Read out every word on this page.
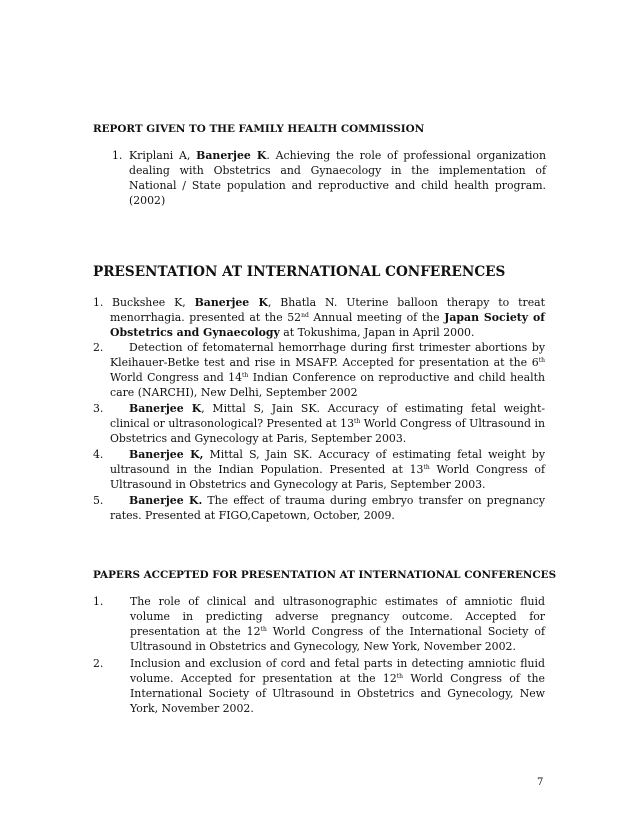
REPORT GIVEN TO THE FAMILY HEALTH COMMISSION

1. Kriplani A, Banerjee K. Achieving the role of professional organization dealing with Obstetrics and Gynaecology in the implementation of National / State population and reproductive and child health program. (2002)

PRESENTATION AT INTERNATIONAL CONFERENCES

1. Buckshee K, Banerjee K, Bhatla N. Uterine balloon therapy to treat menorrhagia. presented at the 52nd Annual meeting of the Japan Society of Obstetrics and Gynaecology at Tokushima, Japan in April 2000.

2.	Detection of fetomaternal hemorrhage during first trimester abortions by Kleihauer-Betke test and rise in MSAFP. Accepted for presentation at the 6th World Congress and 14th Indian Conference on reproductive and child health care (NARCHI), New Delhi, September 2002

3.	Banerjee K, Mittal S, Jain SK. Accuracy of estimating fetal weight- clinical or ultrasonological? Presented at 13th World Congress of Ultrasound in Obstetrics and Gynecology at Paris, September 2003.

4.	Banerjee K, Mittal S, Jain SK. Accuracy of estimating fetal weight by ultrasound in the Indian Population. Presented at 13th World Congress of Ultrasound in Obstetrics and Gynecology at Paris, September 2003.

5.	Banerjee K. The effect of trauma during embryo transfer on pregnancy rates. Presented at FIGO,Capetown, October, 2009.

PAPERS ACCEPTED FOR PRESENTATION AT INTERNATIONAL CONFERENCES

1. The role of clinical and ultrasonographic estimates of amniotic fluid volume in predicting adverse pregnancy outcome. Accepted for presentation at the 12th World Congress of the International Society of Ultrasound in Obstetrics and Gynecology, New York, November 2002.

2. Inclusion and exclusion of cord and fetal parts in detecting amniotic fluid volume. Accepted for presentation at the 12th World Congress of the International Society of Ultrasound in Obstetrics and Gynecology, New York, November 2002.

7
